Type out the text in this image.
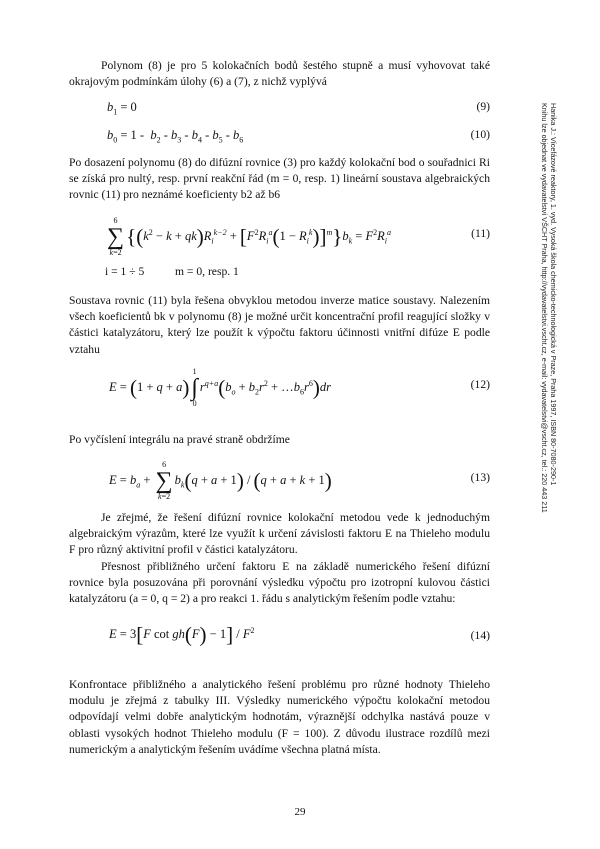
Hanika J.: Vícefázové reaktory, 1. vyd. Vysoká škola chemicko-technologická v Praze, Praha 1997, ISBN 80-7080-290-1
Knihu lze objednat ve vydavatelství VŠCHT Praha, http://vydavatelstvi.vscht.cz, e-mail: vydavatelstvi@vscht.cz, tel.: 220 443 211

Polynom (8) je pro 5 kolokačních bodů šestého stupně a musí vyhovovat také okrajovým podmínkám úlohy (6) a (7), z nichž vyplývá

$b_1 = 0$	(9)
$b_0 = 1 - b_2 - b_3 - b_4 - b_5 - b_6$	(10)

Po dosazení polynomu (8) do difúzní rovnice (3) pro každý kolokační bod o souřadnici Ri se získá pro nultý, resp. první reakční řád (m = 0, resp. 1) lineární soustava algebraických rovnic (11) pro neznámé koeficienty b2 až b6

6
∑
k=2
$\{(k^2 - k + qk)R_i^{k-2} + [F^2R_i^a(1 - R_i^k)]^m\}b_k = F^2R_i^a$	(11)
i = 1 ÷ 5	m = 0, resp. 1

Soustava rovnic (11) byla řešena obvyklou metodou inverze matice soustavy. Nalezením všech koeficientů bk v polynomu (8) je možné určit koncentrační profil reagující složky v částici katalyzátoru, který lze použít k výpočtu faktoru účinnosti vnitřní difúze E podle vztahu

E = (1 + q + a)
1
∫
0
$r^{q+a}(b_o + b_2r^2$ + $\dots b_6r^6)dr$	(12)

Po vyčíslení integrálu na pravé straně obdržíme

$E = b_a$ +
6
∑
k=2
$b_k(q + a + 1) / (q + a + k + 1)$	(13)

Je zřejmé, že řešení difúzní rovnice kolokační metodou vede k jednoduchým algebraickým výrazům, které lze využít k určení závislosti faktoru E na Thieleho modulu F pro různý aktivitní profil v částici katalyzátoru.

Přesnost přibližného určení faktoru E na základě numerického řešení difúzní rovnice byla posuzována při porovnání výsledku výpočtu pro izotropní kulovou částici katalyzátoru (a = 0, q = 2) a pro reakci 1. řádu s analytickým řešením podle vztahu:

E = 3[F $\cot gh(F) - 1] / F^2$	(14)

Konfrontace přibližného a analytického řešení problému pro různé hodnoty Thieleho modulu je zřejmá z tabulky III. Výsledky numerického výpočtu kolokační metodou odpovídají velmi dobře analytickým hodnotám, výraznější odchylka nastává pouze v oblasti vysokých hodnot Thieleho modulu (F = 100). Z důvodu ilustrace rozdílů mezi numerickým a analytickým řešením uvádíme všechna platná místa.

29
